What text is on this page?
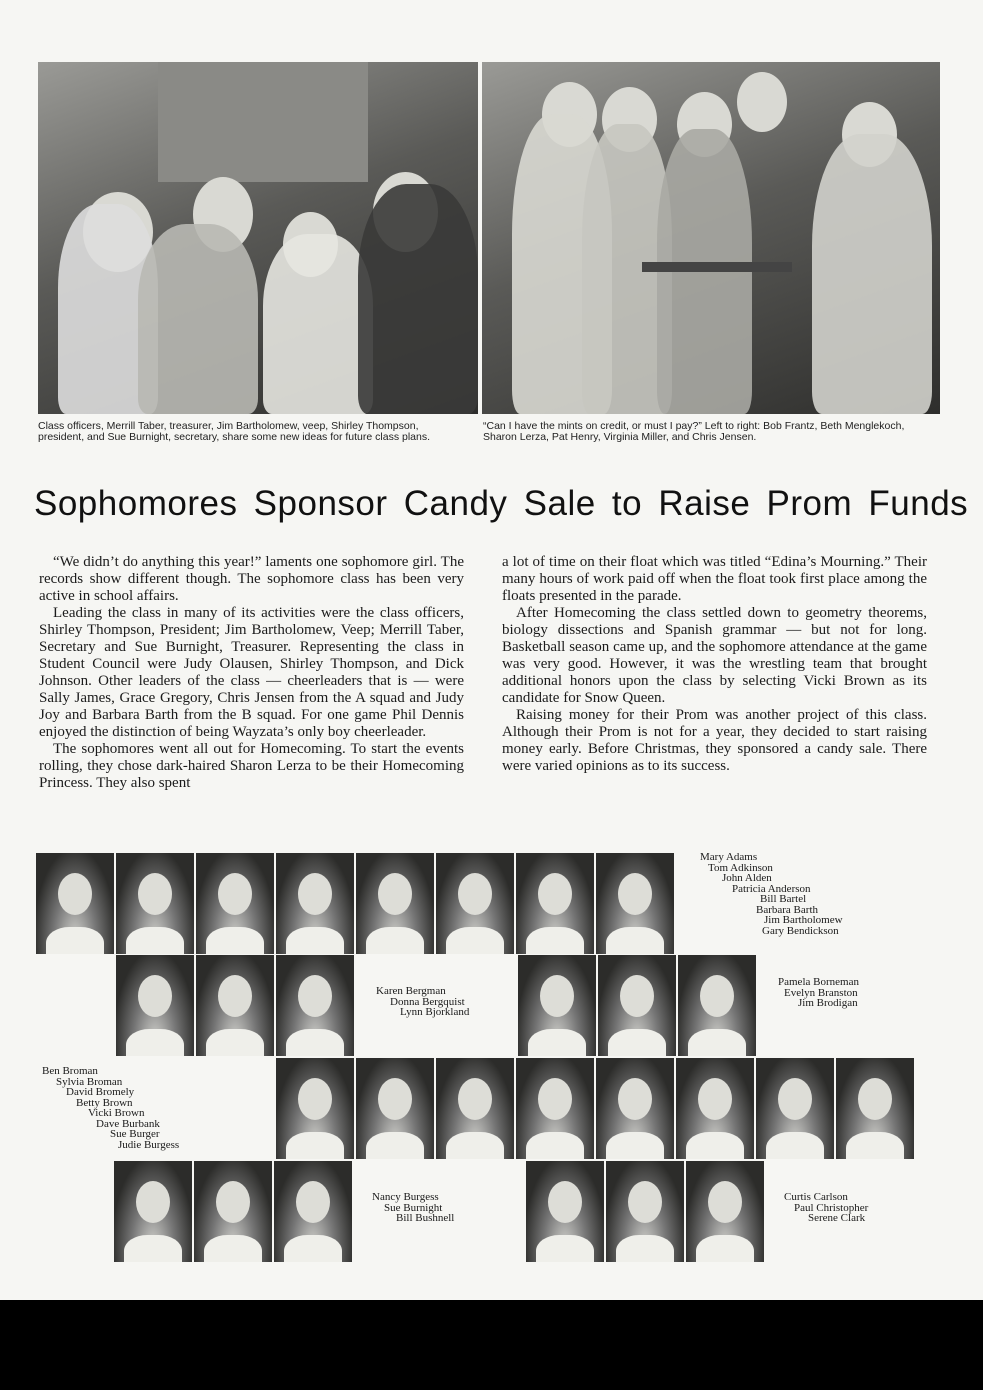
Class officers, Merrill Taber, treasurer, Jim Bartholomew, veep, Shirley Thompson, president, and Sue Burnight, secretary, share some new ideas for future class plans.
“Can I have the mints on credit, or must I pay?” Left to right: Bob Frantz, Beth Menglekoch, Sharon Lerza, Pat Henry, Virginia Miller, and Chris Jensen.
Sophomores Sponsor Candy Sale to Raise Prom Funds

“We didn’t do anything this year!” laments one sophomore girl. The records show different though. The sophomore class has been very active in school affairs.

Leading the class in many of its activities were the class officers, Shirley Thompson, President; Jim Bartholomew, Veep; Merrill Taber, Secretary and Sue Burnight, Treasurer. Representing the class in Student Council were Judy Olausen, Shirley Thompson, and Dick Johnson. Other leaders of the class — cheerleaders that is — were Sally James, Grace Gregory, Chris Jensen from the A squad and Judy Joy and Barbara Barth from the B squad. For one game Phil Dennis enjoyed the distinction of being Wayzata’s only boy cheerleader.

The sophomores went all out for Homecoming. To start the events rolling, they chose dark-haired Sharon Lerza to be their Homecoming Princess. They also spent

a lot of time on their float which was titled “Edina’s Mourning.” Their many hours of work paid off when the float took first place among the floats presented in the parade.

After Homecoming the class settled down to geometry theorems, biology dissections and Spanish grammar — but not for long. Basketball season came up, and the sophomore attendance at the game was very good. However, it was the wrestling team that brought additional honors upon the class by selecting Vicki Brown as its candidate for Snow Queen.

Raising money for their Prom was another project of this class. Although their Prom is not for a year, they decided to start raising money early. Before Christmas, they sponsored a candy sale. There were varied opinions as to its success.

Mary Adams
Tom Adkinson
John Alden
Patricia Anderson
Bill Bartel
Barbara Barth
Jim Bartholomew
Gary Bendickson
Karen Bergman
Donna Bergquist
Lynn Bjorkland
Pamela Borneman
Evelyn Branston
Jim Brodigan
Ben Broman
Sylvia Broman
David Bromely
Betty Brown
Vicki Brown
Dave Burbank
Sue Burger
Judie Burgess
Nancy Burgess
Sue Burnight
Bill Bushnell
Curtis Carlson
Paul Christopher
Serene Clark
